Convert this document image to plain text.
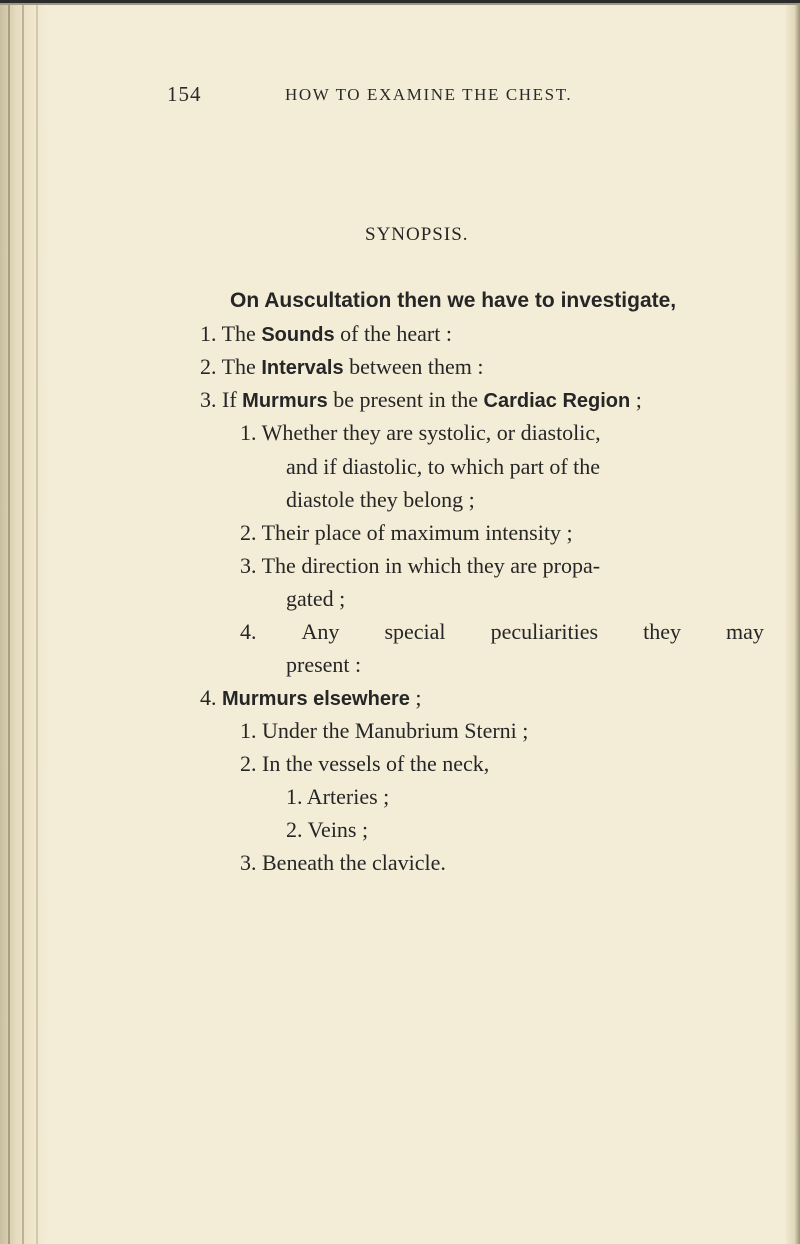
154	HOW TO EXAMINE THE CHEST.
SYNOPSIS.
On Auscultation then we have to investigate,
1. The Sounds of the heart :
2. The Intervals between them :
3. If Murmurs be present in the Cardiac Region ;
1. Whether they are systolic, or diastolic,
and if diastolic, to which part of the
diastole they belong ;
2. Their place of maximum intensity ;
3. The direction in which they are propa-
gated ;
4. Any special peculiarities they may
present :
4. Murmurs elsewhere ;
1. Under the Manubrium Sterni ;
2. In the vessels of the neck,
1. Arteries ;
2. Veins ;
3. Beneath the clavicle.
